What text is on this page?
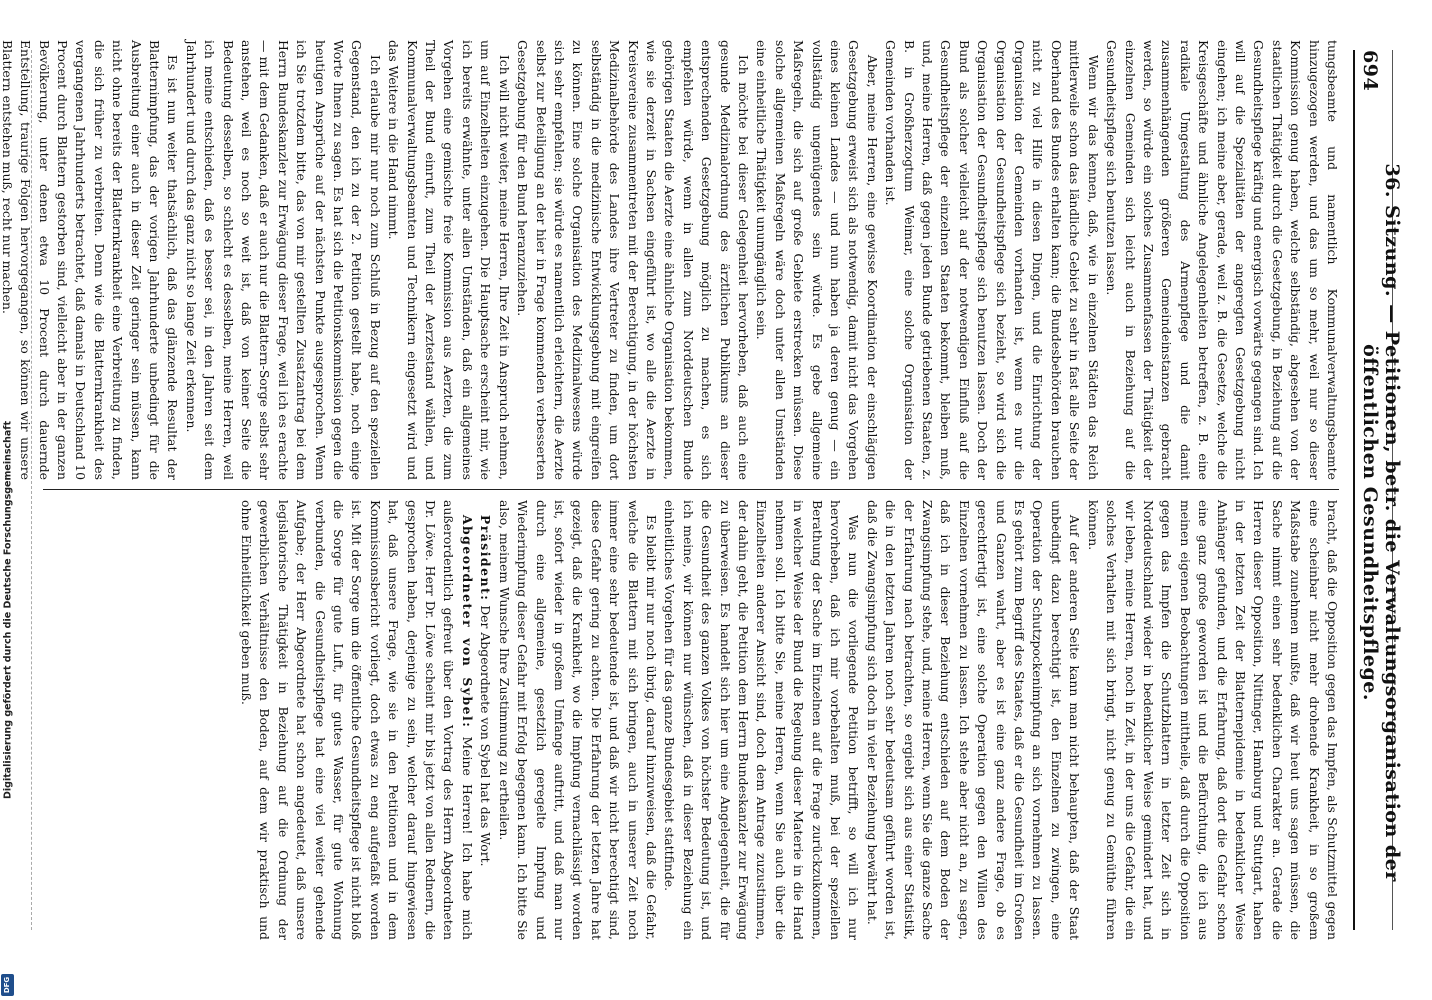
Digitalisierung gefördert durch die Deutsche Forschungsgemeinschaft
DFG
694
36. Sitzung. — Petitionen, betr. die Verwaltungsorganisation der öffentlichen Gesundheitspflege.

tungsbeamte und namentlich Kommunalverwaltungsbeamte hinzugezogen werden, und das um so mehr, weil nur so dieser Kommission genug haben, welche selbständig, abgesehen von der staatlichen Thätigkeit durch die Gesetzgebung, in Beziehung auf die Gesundheitspflege kräftig und energisch vorwärts gegangen sind. Ich will auf die Spezialitäten der angeregten Gesetzgebung nicht eingehen; ich meine aber, gerade, weil z. B. die Gesetze, welche die Kreisgeschäfte und ähnliche Angelegenheiten betreffen, z. B. eine radikale Umgestaltung des Armenpflege und die damit zusammenhängenden größeren Gemeindeinstanzen gebracht werden, so würde ein solches Zusammenfassen der Thätigkeit der einzelnen Gemeinden sich leicht auch in Beziehung auf die Gesundheitspflege sich benutzen lassen.

Wenn wir das kennen, daß, wie in einzelnen Städten das Reich mittlerweile schon das ländliche Gebiet zu sehr in fast alle Seite der Oberhand des Bundes erhalten kann; die Bundesbehörden brauchen nicht zu viel Hilfe in diesen Dingen, und die Einrichtung der Organisation der Gemeinden vorhanden ist, wenn es nur die Organisation der Gesundheitspflege sich bezieht, so wird sich die Organisation der Gesundheitspflege sich benutzen lassen. Doch der Bund als solcher vielleicht auf der notwendigen Einfluß auf die Gesundheitspflege der einzelnen Staaten bekommt, bleiben muß, und, meine Herren, daß gegen jeden Bunde getriebenen Staaten, z. B. in Großherzogtum Weimar, eine solche Organisation der Gemeinden vorhanden ist.

Aber, meine Herren, eine gewisse Koordination der einschlägigen Gesetzgebung erweist sich als notwendig, damit nicht das Vorgehen eines kleinen Landes — und nun haben ja deren genug — ein vollständig ungenügendes sein würde. Es gebe allgemeine Maßregeln, die sich auf große Gebiete erstrecken müssen. Diese solche allgemeinen Maßregeln wäre doch unter allen Umständen eine einheitliche Thätigkeit unumgänglich sein.

Ich möchte bei dieser Gelegenheit hervorheben, daß auch eine gesunde Medizinalordnung des ärztlichen Publikums an dieser entsprechenden Gesetzgebung möglich zu machen, es sich empfehlen würde, wenn in allen zum Norddeutschen Bunde gehörigen Staaten die Aerzte eine ähnliche Organisation bekommen, wie sie derzeit in Sachsen eingeführt ist, wo alle die Aerzte in Kreisvereine zusammentreten mit der Berechtigung, in der höchsten Medizinalbehörde des Landes ihre Vertreter zu finden, um dort selbständig in die medizinische Entwicklungsgebung mit eingreifen zu können. Eine solche Organisation des Medizinalwesens würde sich sehr empfehlen; sie würde es namentlich erleichtern, die Aerzte selbst zur Beteiligung an der hier in Frage kommenden verbesserten Gesetzgebung für den Bund heranzuziehen.

Ich will nicht weiter, meine Herren, Ihre Zeit in Anspruch nehmen, um auf Einzelheiten einzugehen. Die Hauptsache erscheint mir, wie ich bereits erwähnte, unter allen Umständen, daß ein allgemeines Vorgehen eine gemischte freie Kommission aus Aerzten, die zum Theil der Bund einruft, zum Theil der Aerztestand wählen, und Kommunalverwaltungsbeamten und Technikern eingesetzt wird und das Weitere in die Hand nimmt.

Ich erlaube mir nur noch zum Schluß in Bezug auf den speziellen Gegenstand, den ich zu der 2. Petition gestellt habe, noch einige Worte Ihnen zu sagen. Es hat sich die Petitionskommission gegen die heutigen Ansprüche auf der nächsten Punkte ausgesprochen. Wenn ich Sie trotzdem bitte, das von mir gestellten Zusatzantrag bei dem Herrn Bundeskanzler zur Erwägung dieser Frage, weil ich es erachte — mit dem Gedanken, daß er auch nur die Blattern-Sorge selbst sehr anstehen, weil es noch so weit ist, daß von keiner Seite die Bedeutung desselben, so schlecht es desselben, meine Herren, weil ich meine entschieden, daß es besser sei, in den Jahren seit dem Jahrhundert und durch das ganz nicht so lange Zeit erkennen.

Es ist nun weiter thatsächlich, daß das glänzende Resultat der Blatternimpfung, das der vorigen Jahrhunderte unbedingt für die Ausbreitung einer auch in dieser Zeit geringer sein müssen, kann nicht ohne bereits der Blatternkrankheit eine Verbreitung zu finden, die sich früher zu verbreiten. Denn wie die Blatternkrankheit des vergangenen Jahrhunderts betrachtet, daß damals in Deutschland 10 Procent durch Blattern gestorben sind, vielleicht aber in der ganzen Bevölkerung, unter denen etwa 10 Procent durch dauernde Entstellung, traurige Folgen hervorgegangen, so können wir unsere Blattern entstehen muß, recht nur machen.

bracht, daß die Opposition gegen das Impfen, als Schutzmittel gegen eine scheinbar nicht mehr drohende Krankheit, in so großem Maßstabe zunehmen mußte, daß wir heut uns sagen müssen, die Sache nimmt einen sehr bedenklichen Charakter an. Gerade die Herren dieser Opposition, Nittinger, Hamburg und Stuttgart, haben in der letzten Zeit der Blatternepidemie in bedenklicher Weise Anhänger gefunden, und die Erfahrung, daß dort die Gefahr schon eine ganz große geworden ist und die Befürchtung, die ich aus meinen eigenen Beobachtungen mittheile, daß durch die Opposition gegen das Impfen die Schutzblattern in letzter Zeit sich in Norddeutschland wieder in bedenklicher Weise gemindert hat, und wir leben, meine Herren, noch in Zeit, in der uns die Gefahr, die ein solches Verhalten mit sich bringt, nicht genug zu Gemüthe führen können.

Auf der anderen Seite kann man nicht behaupten, daß der Staat unbedingt dazu berechtigt ist, den Einzelnen zu zwingen, eine Operation der Schutzpockenimpfung an sich vornehmen zu lassen. Es gehört zum Begriff des Staates, daß er die Gesundheit im Großen und Ganzen wahrt, aber es ist eine ganz andere Frage, ob es gerechtfertigt ist, eine solche Operation gegen den Willen des Einzelnen vornehmen zu lassen. Ich stehe aber nicht an, zu sagen, daß ich in dieser Beziehung entschieden auf dem Boden der Zwangsimpfung stehe, und, meine Herren, wenn Sie die ganze Sache der Erfahrung nach betrachten, so ergiebt sich aus einer Statistik, die in den letzten Jahren noch sehr bedeutsam geführt worden ist, daß die Zwangsimpfung sich doch in vieler Beziehung bewährt hat.

Was nun die vorliegende Petition betrifft, so will ich nur hervorheben, daß ich mir vorbehalten muß, bei der speziellen Berathung der Sache im Einzelnen auf die Frage zurückzukommen, in welcher Weise der Bund die Regelung dieser Materie in die Hand nehmen soll. Ich bitte Sie, meine Herren, wenn Sie auch über die Einzelheiten anderer Ansicht sind, doch dem Antrage zuzustimmen, der dahin geht, die Petition dem Herrn Bundeskanzler zur Erwägung zu überweisen. Es handelt sich hier um eine Angelegenheit, die für die Gesundheit des ganzen Volkes von höchster Bedeutung ist, und ich meine, wir können nur wünschen, daß in dieser Beziehung ein einheitliches Vorgehen für das ganze Bundesgebiet stattfinde.

Es bleibt mir nur noch übrig, darauf hinzuweisen, daß die Gefahr, welche die Blattern mit sich bringen, auch in unserer Zeit noch immer eine sehr bedeutende ist, und daß wir nicht berechtigt sind, diese Gefahr gering zu achten. Die Erfahrung der letzten Jahre hat gezeigt, daß die Krankheit, wo die Impfung vernachlässigt worden ist, sofort wieder in großem Umfange auftritt, und daß man nur durch eine allgemeine, gesetzlich geregelte Impfung und Wiederimpfung dieser Gefahr mit Erfolg begegnen kann. Ich bitte Sie also, meinem Wunsche Ihre Zustimmung zu ertheilen.

Präsident: Der Abgeordnete von Sybel hat das Wort.

Abgeordneter von Sybel: Meine Herren! Ich habe mich außerordentlich gefreut über den Vortrag des Herrn Abgeordneten Dr. Löwe. Herr Dr. Löwe scheint mir bis jetzt von allen Rednern, die gesprochen haben, derjenige zu sein, welcher darauf hingewiesen hat, daß unsere Frage, wie sie in den Petitionen und in dem Kommissionsbericht vorliegt, doch etwas zu eng aufgefaßt worden ist. Mit der Sorge um die öffentliche Gesundheitspflege ist nicht bloß die Sorge für gute Luft, für gutes Wasser, für gute Wohnung verbunden, die Gesundheitspflege hat eine viel weiter gehende Aufgabe; der Herr Abgeordnete hat schon angedeutet, daß unsere legislatorische Thätigkeit in Beziehung auf die Ordnung der gewerblichen Verhältnisse den Boden, auf dem wir praktisch und ohne Einheitlichkeit geben muß.
